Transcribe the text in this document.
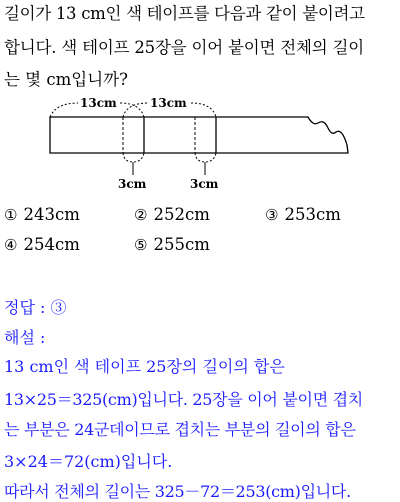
길이가 13 cm인 색 테이프를 다음과 같이 붙이려고
합니다. 색 테이프 25장을 이어 붙이면 전체의 길이
는 몇 cm입니까?
13cm	13cm
3cm	3cm
① 243cm	② 252cm	③ 253cm
④ 254cm	⑤ 255cm
정답 : ③
해설 :
13 cm인 색 테이프 25장의 길이의 합은
13×25＝325(cm)입니다. 25장을 이어 붙이면 겹치
는 부분은 24군데이므로 겹치는 부분의 길이의 합은
3×24＝72(cm)입니다.
따라서 전체의 길이는 325－72＝253(cm)입니다.
